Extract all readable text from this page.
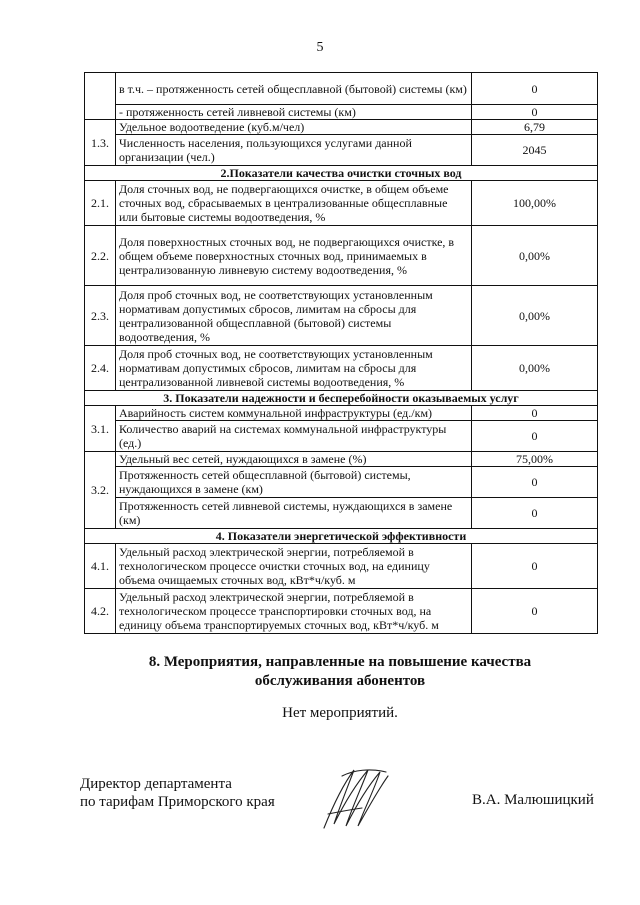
5
	в т.ч. – протяженность сетей общесплавной (бытовой) системы (км)	0
	- протяженность сетей ливневой системы (км)	0
1.3.	Удельное водоотведение (куб.м/чел)	6,79
	Численность населения, пользующихся услугами данной организации (чел.)	2045
2.Показатели качества очистки сточных вод		
2.1.	Доля сточных вод, не подвергающихся очистке, в общем объеме сточных вод, сбрасываемых в централизованные общесплавные или бытовые системы водоотведения, %	100,00%
2.2.	Доля поверхностных сточных вод, не подвергающихся очистке, в общем объеме поверхностных сточных вод, принимаемых в централизованную ливневую систему водоотведения, %	0,00%
2.3.	Доля проб сточных вод, не соответствующих установленным нормативам допустимых сбросов, лимитам на сбросы для централизованной общесплавной (бытовой) системы водоотведения, %	0,00%
2.4.	Доля проб сточных вод, не соответствующих установленным нормативам допустимых сбросов, лимитам на сбросы для централизованной ливневой системы водоотведения, %	0,00%
3. Показатели надежности и бесперебойности оказываемых услуг		
3.1.	Аварийность систем коммунальной инфраструктуры (ед./км)	0
	Количество аварий на системах коммунальной инфраструктуры (ед.)	0
3.2.	Удельный вес сетей, нуждающихся в замене (%)	75,00%
	Протяженность сетей общесплавной (бытовой) системы, нуждающихся в замене (км)	0
	Протяженность сетей ливневой системы, нуждающихся в замене (км)	0
4. Показатели энергетической эффективности		
4.1.	Удельный расход электрической энергии, потребляемой в технологическом процессе очистки сточных вод, на единицу объема очищаемых сточных вод, кВт*ч/куб. м	0
4.2.	Удельный расход электрической энергии, потребляемой в технологическом процессе транспортировки сточных вод, на единицу объема транспортируемых сточных вод, кВт*ч/куб. м	0
8. Мероприятия, направленные на повышение качества
обслуживания абонентов
Нет мероприятий.
Директор департамента
по тарифам Приморского края	В.А. Малюшицкий
